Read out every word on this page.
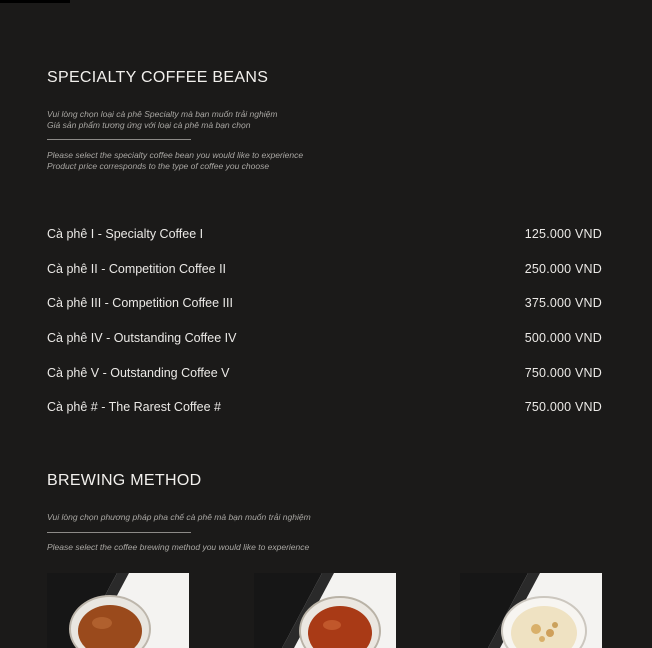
SPECIALTY COFFEE BEANS
Vui lòng chọn loại cà phê Specialty mà bạn muốn trải nghiệm
Giá sản phẩm tương ứng với loại cà phê mà bạn chọn
Please select the specialty coffee bean you would like to experience
Product price corresponds to the type of coffee you choose
Cà phê I - Specialty Coffee I	125.000 VND
Cà phê II - Competition Coffee II	250.000 VND
Cà phê III - Competition Coffee III	375.000 VND
Cà phê IV - Outstanding Coffee IV	500.000 VND
Cà phê V - Outstanding Coffee V	750.000 VND
Cà phê # - The Rarest Coffee #	750.000 VND
BREWING METHOD
Vui lòng chọn phương pháp pha chế cà phê mà bạn muốn trải nghiệm
Please select the coffee brewing method you would like to experience
